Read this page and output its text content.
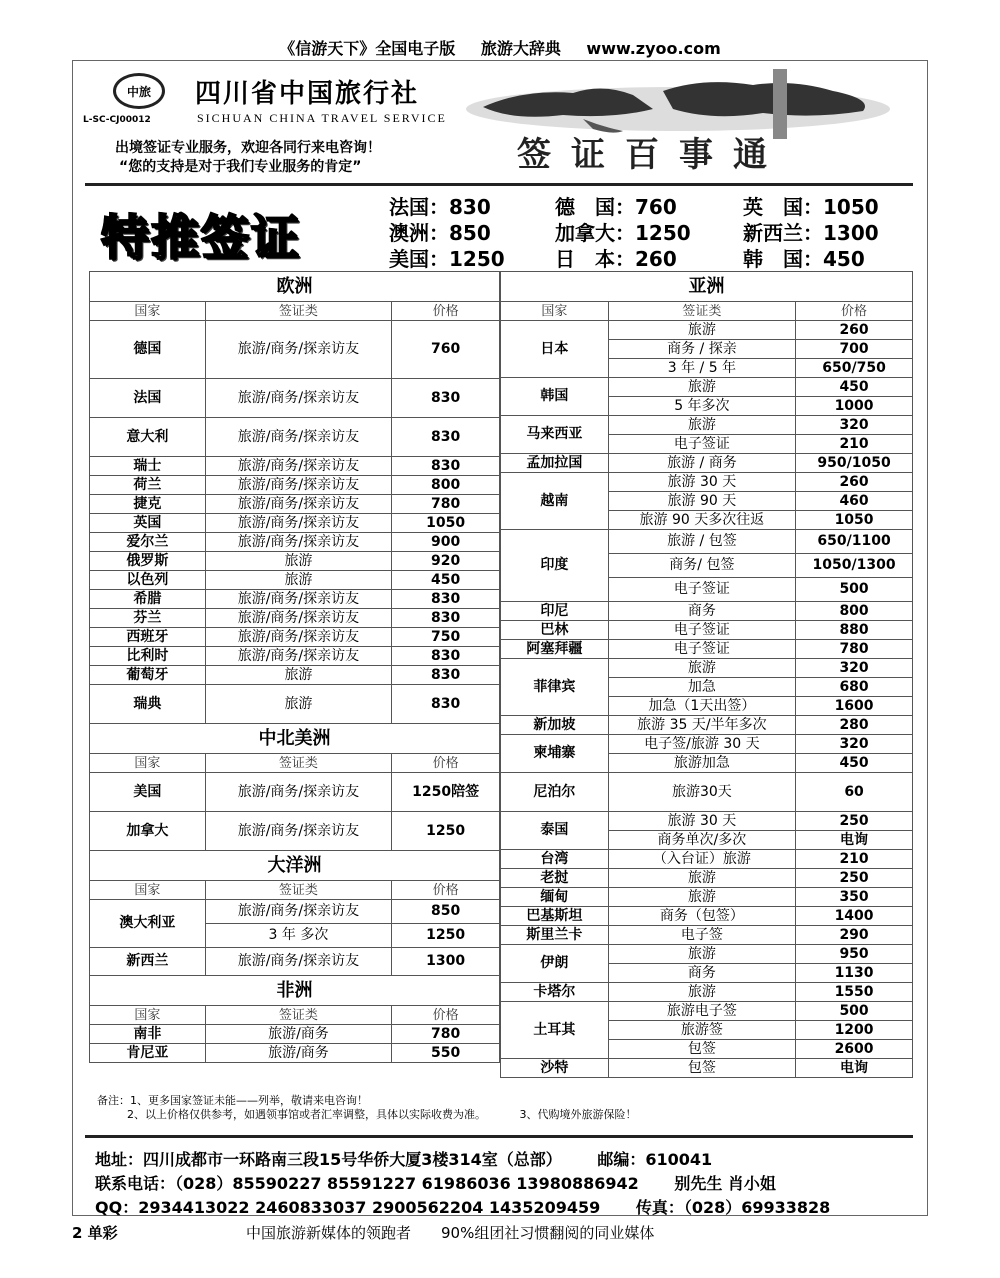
《信游天下》全国电子版 旅游大辞典 www.zyoo.com
中旅
L-SC-CJ00012
四川省中国旅行社
SICHUAN CHINA TRAVEL SERVICE
出境签证专业服务，欢迎各同行来电咨询！
“您的支持是对于我们专业服务的肯定”	签证百事通
特推签证
法国：830	德　国：760	英　国：1050
澳洲：850	加拿大：1250	新西兰：1300
美国：1250	日　本：260	韩　国：450
欧洲		
国家	签证类	价格
德国	旅游/商务/探亲访友	760
法国	旅游/商务/探亲访友	830
意大利	旅游/商务/探亲访友	830
瑞士	旅游/商务/探亲访友	830
荷兰	旅游/商务/探亲访友	800
捷克	旅游/商务/探亲访友	780
英国	旅游/商务/探亲访友	1050
爱尔兰	旅游/商务/探亲访友	900
俄罗斯	旅游	920
以色列	旅游	450
希腊	旅游/商务/探亲访友	830
芬兰	旅游/商务/探亲访友	830
西班牙	旅游/商务/探亲访友	750
比利时	旅游/商务/探亲访友	830
葡萄牙	旅游	830
瑞典	旅游	830
中北美洲		
国家	签证类	价格
美国	旅游/商务/探亲访友	1250陪签
加拿大	旅游/商务/探亲访友	1250
大洋洲		
国家	签证类	价格
澳大利亚	旅游/商务/探亲访友	850
	3 年 多次	1250
新西兰	旅游/商务/探亲访友	1300
非洲		
国家	签证类	价格
南非	旅游/商务	780
肯尼亚	旅游/商务	550
亚洲		
国家	签证类	价格
日本	旅游	260
	商务 / 探亲	700
	3 年 / 5 年	650/750
韩国	旅游	450
	5 年多次	1000
马来西亚	旅游	320
	电子签证	210
孟加拉国	旅游 / 商务	950/1050
越南	旅游 30 天	260
	旅游 90 天	460
	旅游 90 天多次往返	1050
印度	旅游 / 包签	650/1100
	商务/ 包签	1050/1300
	电子签证	500
印尼	商务	800
巴林	电子签证	880
阿塞拜疆	电子签证	780
菲律宾	旅游	320
	加急	680
	加急（1天出签）	1600
新加坡	旅游 35 天/半年多次	280
柬埔寨	电子签/旅游 30 天	320
	旅游加急	450
尼泊尔	旅游30天	60
泰国	旅游 30 天	250
	商务单次/多次	电询
台湾	（入台证）旅游	210
老挝	旅游	250
缅甸	旅游	350
巴基斯坦	商务（包签）	1400
斯里兰卡	电子签	290
伊朗	旅游	950
	商务	1130
卡塔尔	旅游	1550
土耳其	旅游电子签	500
	旅游签	1200
	包签	2600
沙特	包签	电询
备注：1、更多国家签证未能——列举，敬请来电咨询！
2、以上价格仅供参考，如遇领事馆或者汇率调整，具体以实际收费为准。	3、代购境外旅游保险！
地址：四川成都市一环路南三段15号华侨大厦3楼314室（总部） 邮编：610041
联系电话：（028）85590227 85591227 61986036 13980886942 别先生 肖小姐
QQ：2934413022 2460833037 2900562204 1435209459 传真：（028）69933828
2 单彩	中国旅游新媒体的领跑者 90%组团社习惯翻阅的同业媒体
